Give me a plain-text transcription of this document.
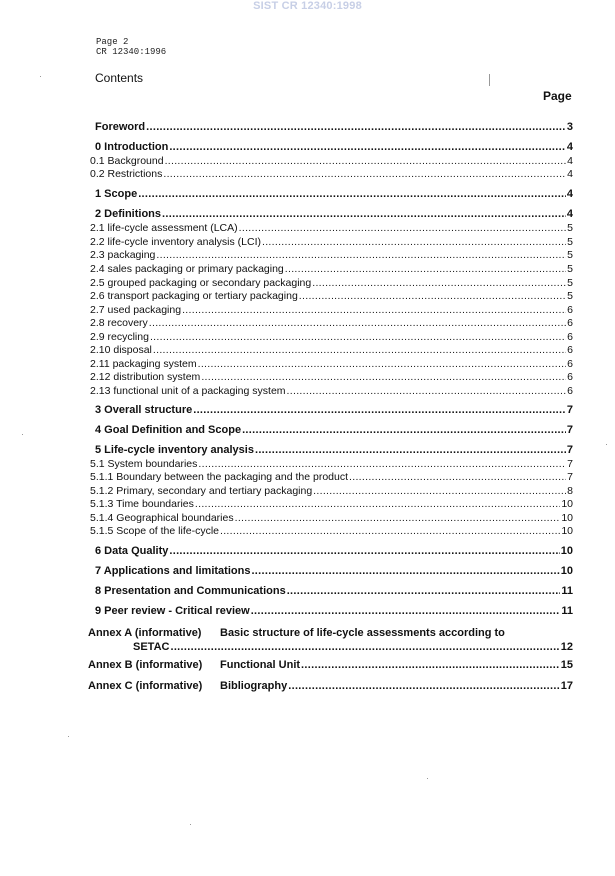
SIST CR 12340:1998
Page 2
CR 12340:1996
Contents
Page
Foreword .....	3
0 Introduction .....	4
0.1 Background .....	4
0.2 Restrictions .....	4
1 Scope .....	4
2 Definitions .....	4
2.1 life-cycle assessment (LCA) .....	5
2.2 life-cycle inventory analysis (LCI) .....	5
2.3 packaging .....	5
2.4 sales packaging or primary packaging .....	5
2.5 grouped packaging or secondary packaging .....	5
2.6 transport packaging or tertiary packaging .....	5
2.7 used packaging .....	6
2.8 recovery .....	6
2.9 recycling .....	6
2.10 disposal .....	6
2.11 packaging system .....	6
2.12 distribution system .....	6
2.13 functional unit of a packaging system .....	6
3 Overall structure .....	7
4 Goal Definition and Scope .....	7
5 Life-cycle inventory analysis .....	7
5.1 System boundaries .....	7
5.1.1 Boundary between the packaging and the product .....	7
5.1.2 Primary, secondary and tertiary packaging .....	8
5.1.3 Time boundaries .....	10
5.1.4 Geographical boundaries .....	10
5.1.5 Scope of the life-cycle .....	10
6 Data Quality .....	10
7 Applications and limitations .....	10
8 Presentation and Communications .....	11
9 Peer review - Critical review .....	11
Annex A (informative) Basic structure of life-cycle assessments according to
SETAC .....	12
Annex B (informative) Functional Unit .....	15
Annex C (informative) Bibliography .....	17
